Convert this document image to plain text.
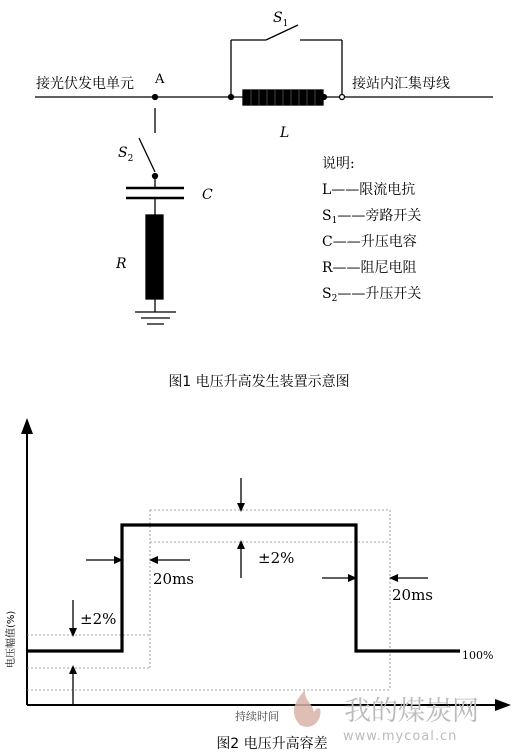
接光伏发电单元 A	接站内汇集母线
$S_1$
L
$S_2$
C
R
说明:
L——限流电抗
$S_1——$旁路开关
C——升压电容
R——阻尼电阻
$S_2——$升压开关
图1 电压升高发生装置示意图
±2%
±2%
20ms
20ms
100%
电压幅值(%)
持续时间 我的煤炭网
www.mycoal.cn
图2 电压升高容差
